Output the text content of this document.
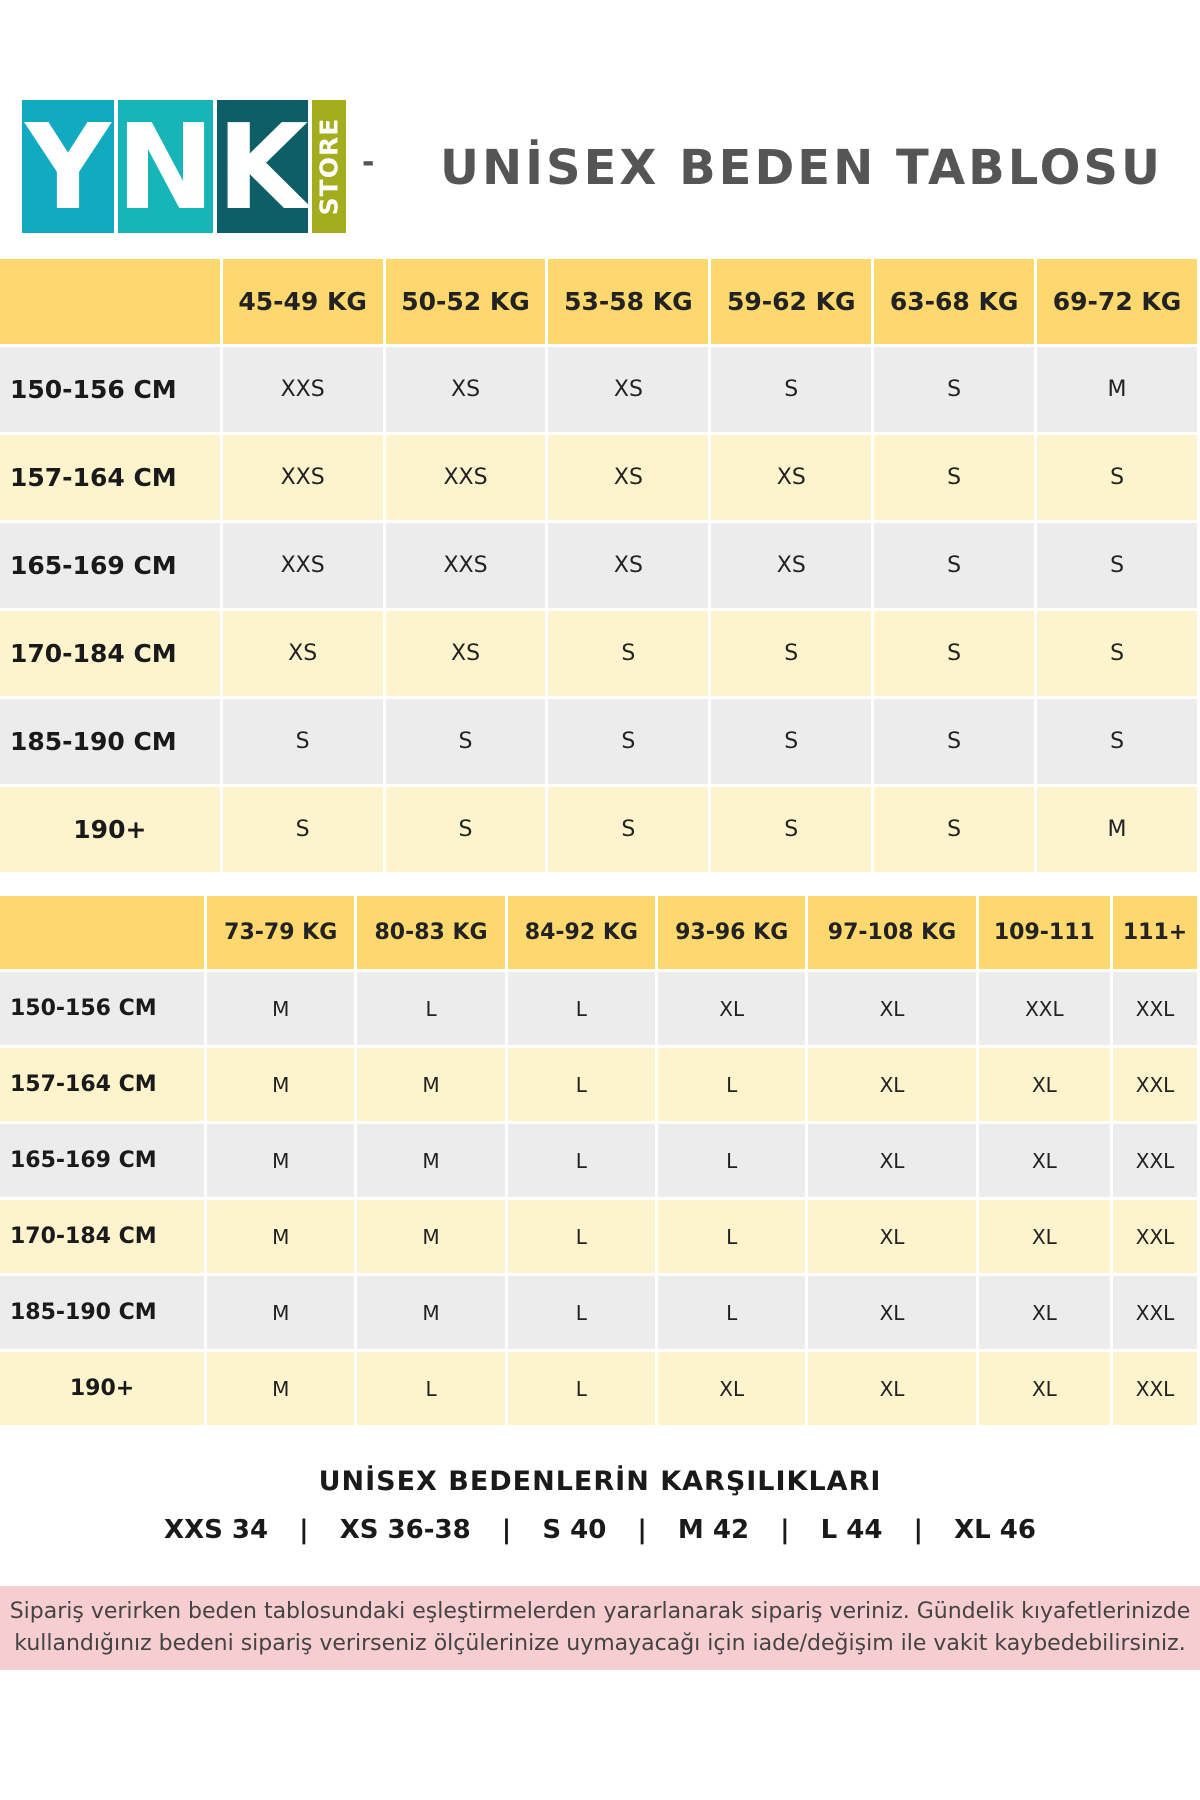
Y N K STORE - UNİSEX BEDEN TABLOSU
	45-49 KG	50-52 KG	53-58 KG	59-62 KG	63-68 KG	69-72 KG
150-156 CM	XXS	XS	XS	S	S	M
157-164 CM	XXS	XXS	XS	XS	S	S
165-169 CM	XXS	XXS	XS	XS	S	S
170-184 CM	XS	XS	S	S	S	S
185-190 CM	S	S	S	S	S	S
190+	S	S	S	S	S	M
	73-79 KG	80-83 KG	84-92 KG	93-96 KG	97-108 KG	109-111	111+
150-156 CM	M	L	L	XL	XL	XXL	XXL
157-164 CM	M	M	L	L	XL	XL	XXL
165-169 CM	M	M	L	L	XL	XL	XXL
170-184 CM	M	M	L	L	XL	XL	XXL
185-190 CM	M	M	L	L	XL	XL	XXL
190+	M	L	L	XL	XL	XL	XXL
UNİSEX BEDENLERİN KARŞILIKLARI
XXS 34 | XS 36-38 | S 40 | M 42 | L 44 | XL 46
Sipariş verirken beden tablosundaki eşleştirmelerden yararlanarak sipariş veriniz. Gündelik kıyafetlerinizde
kullandığınız bedeni sipariş verirseniz ölçülerinize uymayacağı için iade/değişim ile vakit kaybedebilirsiniz.
